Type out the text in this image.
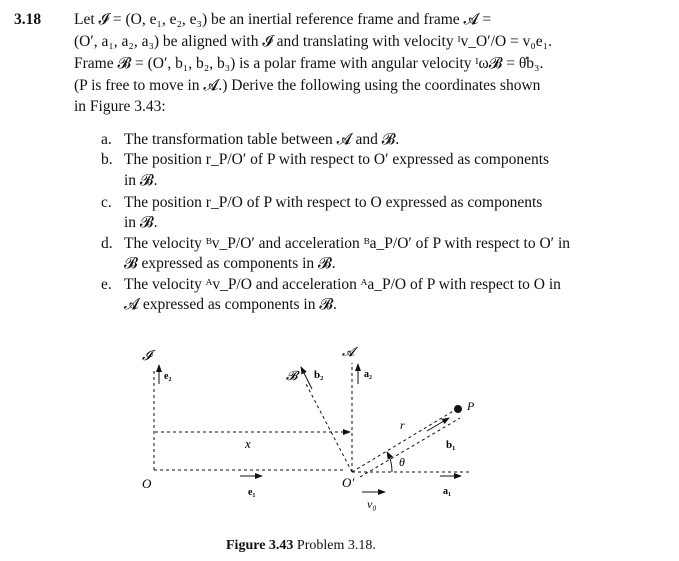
3.18 Let 𝓘 = (O, e₁, e₂, e₃) be an inertial reference frame and frame 𝓐 =
(O′, a₁, a₂, a₃) be aligned with 𝓘 and translating with velocity ᴵv_O′/O = v₀e₁.
Frame 𝓑 = (O′, b₁, b₂, b₃) is a polar frame with angular velocity ᴵω𝓑 = θ̇b₃.
(P is free to move in 𝓐.) Derive the following using the coordinates shown
in Figure 3.43:
a. The transformation table between 𝓐 and 𝓑.
b. The position r_P/O′ of P with respect to O′ expressed as components
in 𝓑.
c. The position r_P/O of P with respect to O expressed as components
in 𝓑.
d. The velocity ᴮv_P/O′ and acceleration ᴮa_P/O′ of P with respect to O′ in
𝓑 expressed as components in 𝓑.
e. The velocity ᴬv_P/O and acceleration ᴬa_P/O of P with respect to O in
𝓐 expressed as components in 𝓑.
𝓘
e₂
O
x
e₁
𝓑 b₂
𝓐
a₂
r
P
b₁
θ
O′
a₁
v₀
Figure 3.43 Problem 3.18.
